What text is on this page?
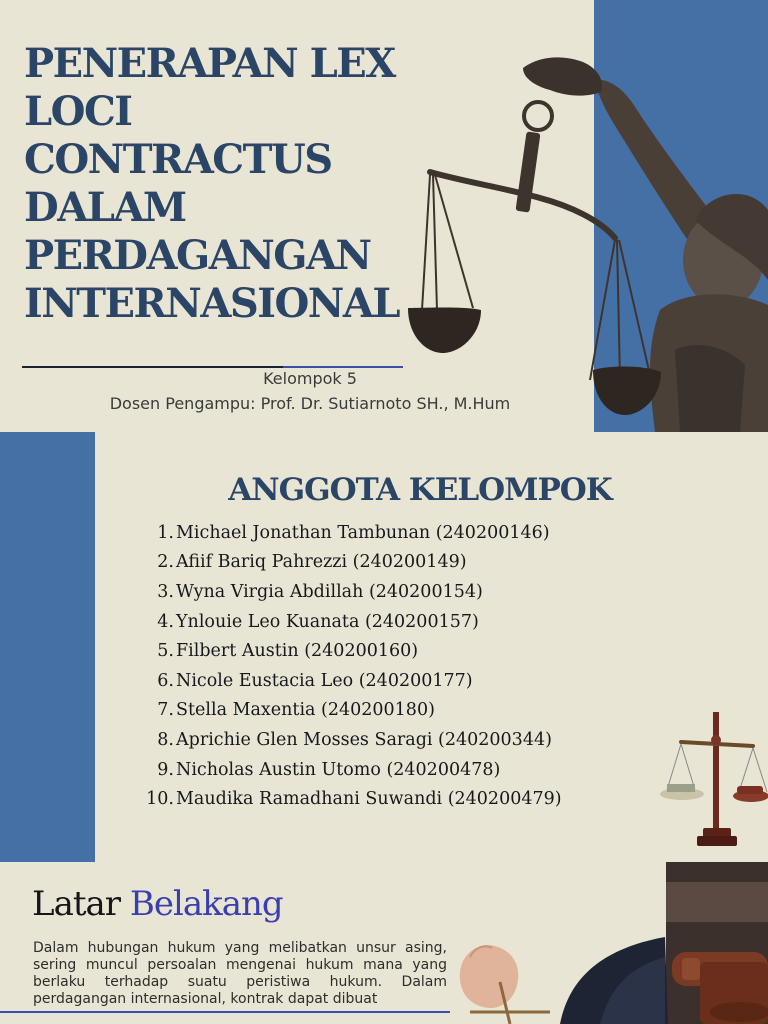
PENERAPAN LEX LOCI CONTRACTUS DALAM PERDAGANGAN INTERNASIONAL
Kelompok 5
Dosen Pengampu: Prof. Dr. Sutiarnoto SH., M.Hum
ANGGOTA KELOMPOK
1. Michael Jonathan Tambunan (240200146)
2. Afiif Bariq Pahrezzi (240200149)
3. Wyna Virgia Abdillah (240200154)
4. Ynlouie Leo Kuanata (240200157)
5. Filbert Austin (240200160)
6. Nicole Eustacia Leo (240200177)
7. Stella Maxentia (240200180)
8. Aprichie Glen Mosses Saragi (240200344)
9. Nicholas Austin Utomo (240200478)
10. Maudika Ramadhani Suwandi (240200479)
Latar Belakang

Dalam hubungan hukum yang melibatkan unsur asing, sering muncul persoalan mengenai hukum mana yang berlaku terhadap suatu peristiwa hukum. Dalam perdagangan internasional, kontrak dapat dibuat
